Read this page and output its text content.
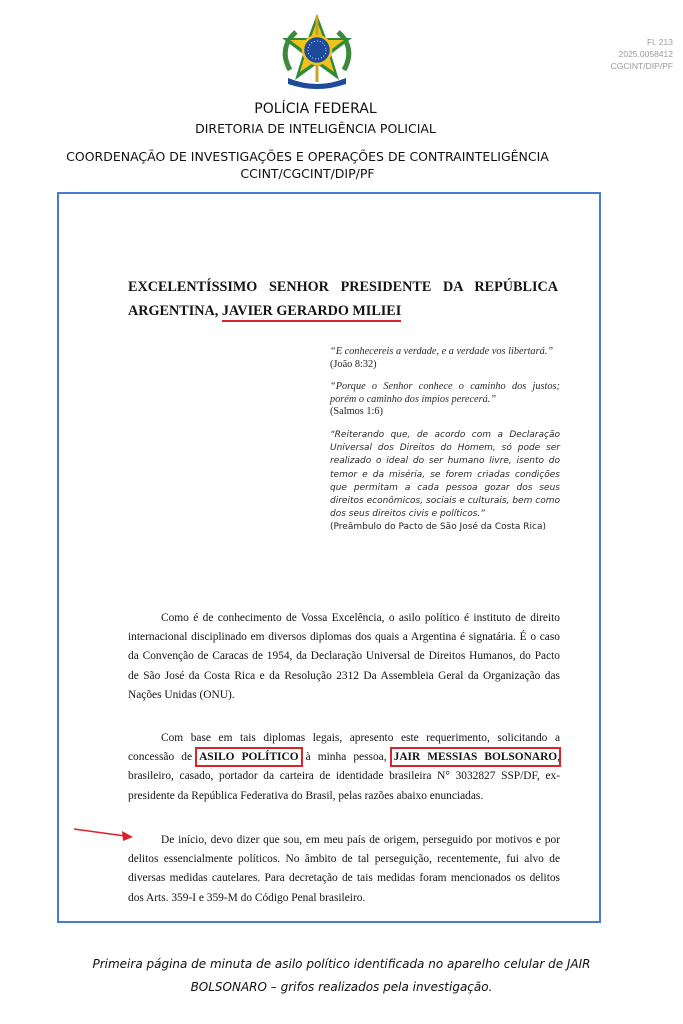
Fl. 213
2025.0058412
CGCINT/DIP/PF
POLÍCIA FEDERAL
DIRETORIA DE INTELIGÊNCIA POLICIAL
COORDENAÇÃO DE INVESTIGAÇÕES E OPERAÇÕES DE CONTRAINTELIGÊNCIA
CCINT/CGCINT/DIP/PF
EXCELENTÍSSIMO SENHOR PRESIDENTE DA REPÚBLICA
ARGENTINA, JAVIER GERARDO MILIEI
“E conhecereis a verdade, e a verdade vos libertará.”
(João 8:32)
“Porque o Senhor conhece o caminho dos justos; porém o caminho dos ímpios perecerá.”
(Salmos 1:6)
“Reiterando que, de acordo com a Declaração Universal dos Direitos do Homem, só pode ser realizado o ideal do ser humano livre, isento do temor e da miséria, se forem criadas condições que permitam a cada pessoa gozar dos seus direitos econômicos, sociais e culturais, bem como dos seus direitos civis e políticos.”
(Preâmbulo do Pacto de São José da Costa Rica)
Como é de conhecimento de Vossa Excelência, o asilo político é instituto de direito internacional disciplinado em diversos diplomas dos quais a Argentina é signatária. É o caso da Convenção de Caracas de 1954, da Declaração Universal de Direitos Humanos, do Pacto de São José da Costa Rica e da Resolução 2312 Da Assembleia Geral da Organização das Nações Unidas (ONU).
Com base em tais diplomas legais, apresento este requerimento, solicitando a concessão de ASILO POLÍTICO à minha pessoa, JAIR MESSIAS BOLSONARO, brasileiro, casado, portador da carteira de identidade brasileira N° 3032827 SSP/DF, ex-presidente da República Federativa do Brasil, pelas razões abaixo enunciadas.
De início, devo dizer que sou, em meu país de origem, perseguido por motivos e por delitos essencialmente políticos. No âmbito de tal perseguição, recentemente, fui alvo de diversas medidas cautelares. Para decretação de tais medidas foram mencionados os delitos dos Arts. 359-I e 359-M do Código Penal brasileiro.
Primeira página de minuta de asilo político identificada no aparelho celular de JAIR
BOLSONARO – grifos realizados pela investigação.
